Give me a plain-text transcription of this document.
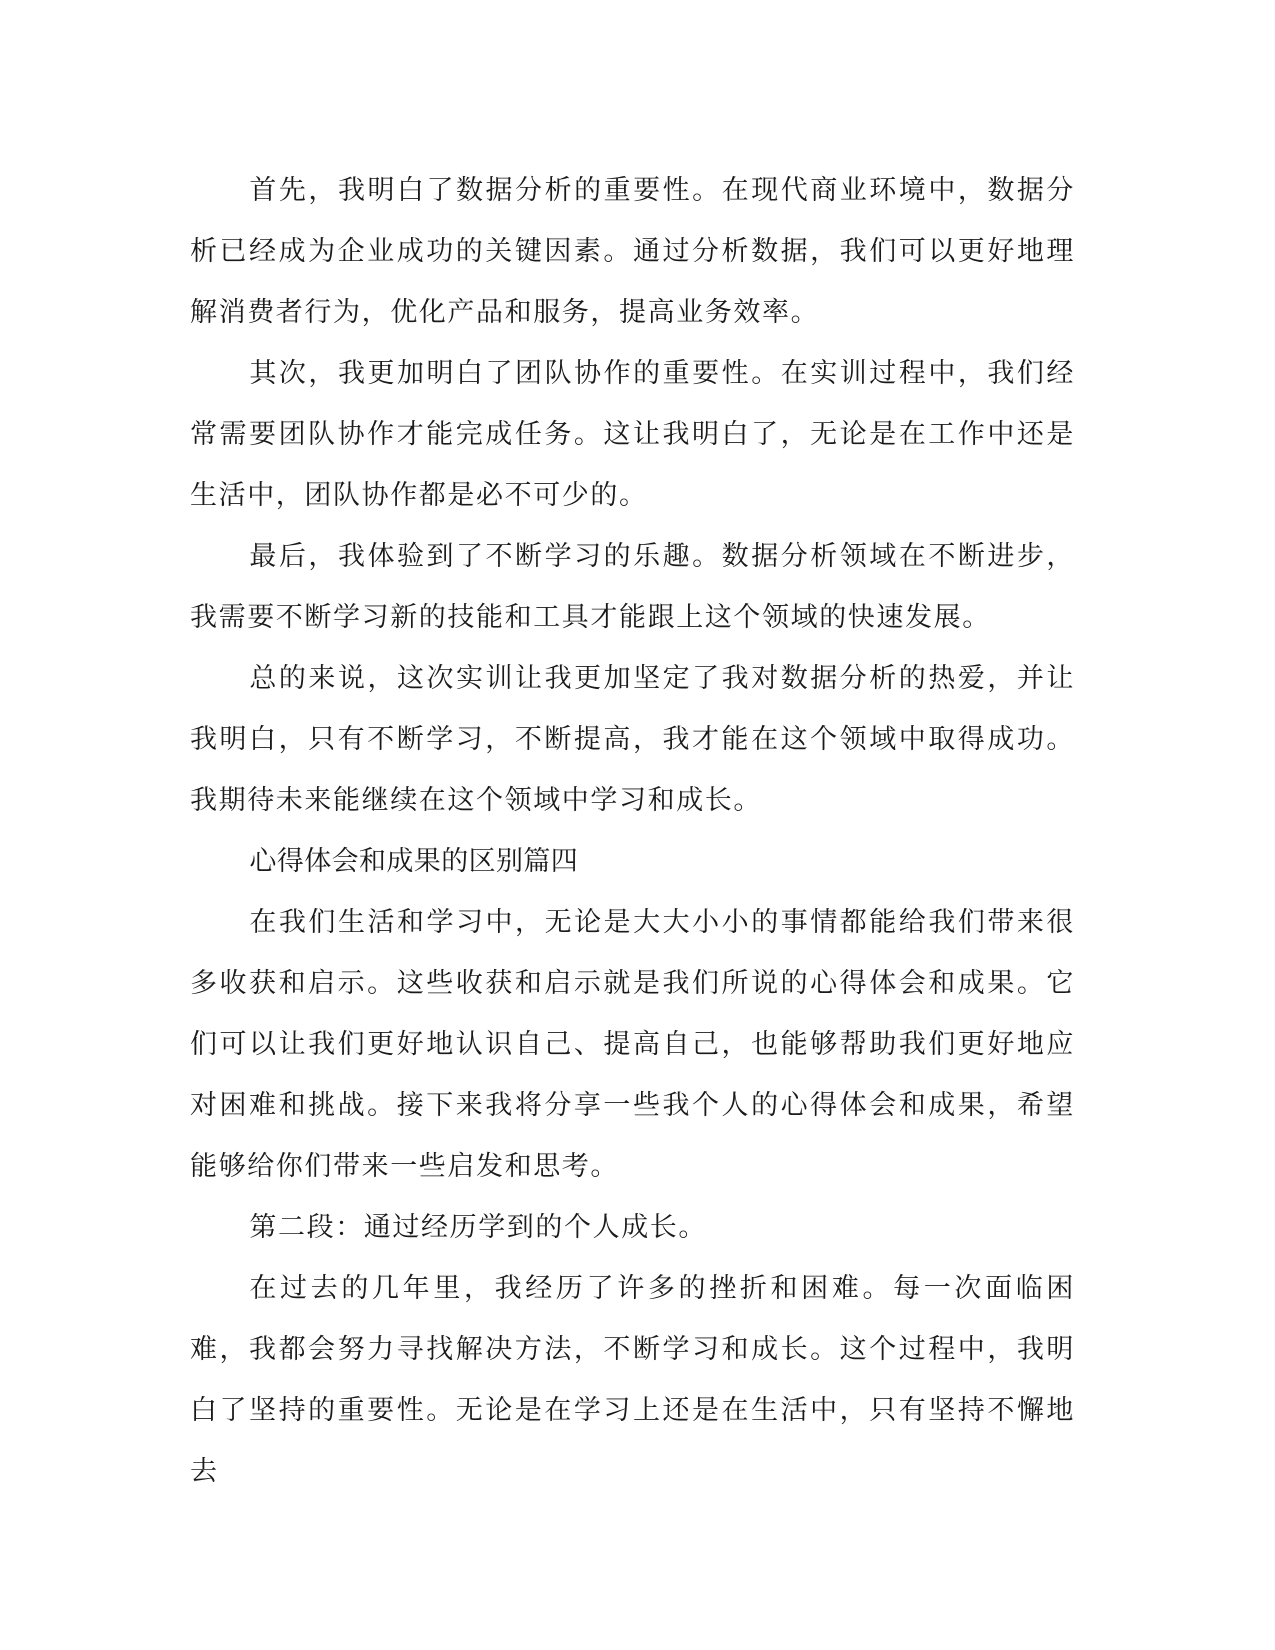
首先，我明白了数据分析的重要性。在现代商业环境中，数据分析已经成为企业成功的关键因素。通过分析数据，我们可以更好地理解消费者行为，优化产品和服务，提高业务效率。

其次，我更加明白了团队协作的重要性。在实训过程中，我们经常需要团队协作才能完成任务。这让我明白了，无论是在工作中还是生活中，团队协作都是必不可少的。

最后，我体验到了不断学习的乐趣。数据分析领域在不断进步，我需要不断学习新的技能和工具才能跟上这个领域的快速发展。

总的来说，这次实训让我更加坚定了我对数据分析的热爱，并让我明白，只有不断学习，不断提高，我才能在这个领域中取得成功。我期待未来能继续在这个领域中学习和成长。

心得体会和成果的区别篇四

在我们生活和学习中，无论是大大小小的事情都能给我们带来很多收获和启示。这些收获和启示就是我们所说的心得体会和成果。它们可以让我们更好地认识自己、提高自己，也能够帮助我们更好地应对困难和挑战。接下来我将分享一些我个人的心得体会和成果，希望能够给你们带来一些启发和思考。

第二段：通过经历学到的个人成长。

在过去的几年里，我经历了许多的挫折和困难。每一次面临困难，我都会努力寻找解决方法，不断学习和成长。这个过程中，我明白了坚持的重要性。无论是在学习上还是在生活中，只有坚持不懈地去
